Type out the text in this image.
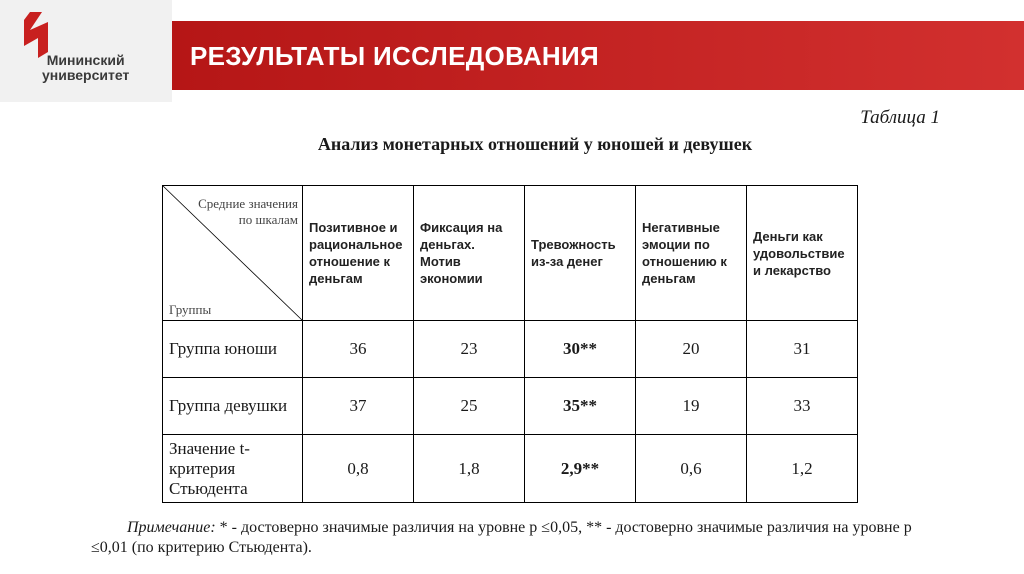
Мининский
университет
РЕЗУЛЬТАТЫ ИССЛЕДОВАНИЯ
Таблица 1
Анализ монетарных отношений у юношей и девушек
Средние значения
по шкалам
Группы	Позитивное и рациональное отношение к деньгам	Фиксация на деньгах. Мотив экономии	Тревожность из-за денег	Негативные эмоции по отношению к деньгам	Деньги как удовольствие и лекарство
Группа юноши	36	23	30**	20	31
Группа девушки	37	25	35**	19	33
Значение t-критерия Стьюдента	0,8	1,8	2,9**	0,6	1,2
Примечание: * - достоверно значимые различия на уровне p ≤0,05, ** - достоверно значимые различия на уровне p ≤0,01 (по критерию Стьюдента).
